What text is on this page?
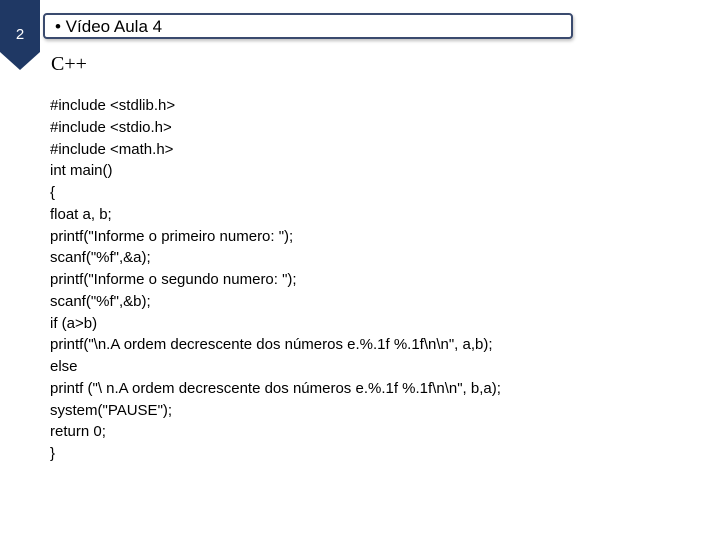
2	• Vídeo Aula 4
C++
#include <stdlib.h>
#include <stdio.h>
#include <math.h>
int main()
{
float a, b;
printf("Informe o primeiro numero: ");
scanf("%f",&a);
printf("Informe o segundo numero: ");
scanf("%f",&b);
if (a>b)
printf("\n.A ordem decrescente dos números e.%.1f %.1f\n\n", a,b);
else
printf ("\ n.A ordem decrescente dos números e.%.1f %.1f\n\n", b,a);
system("PAUSE");
return 0;
}
